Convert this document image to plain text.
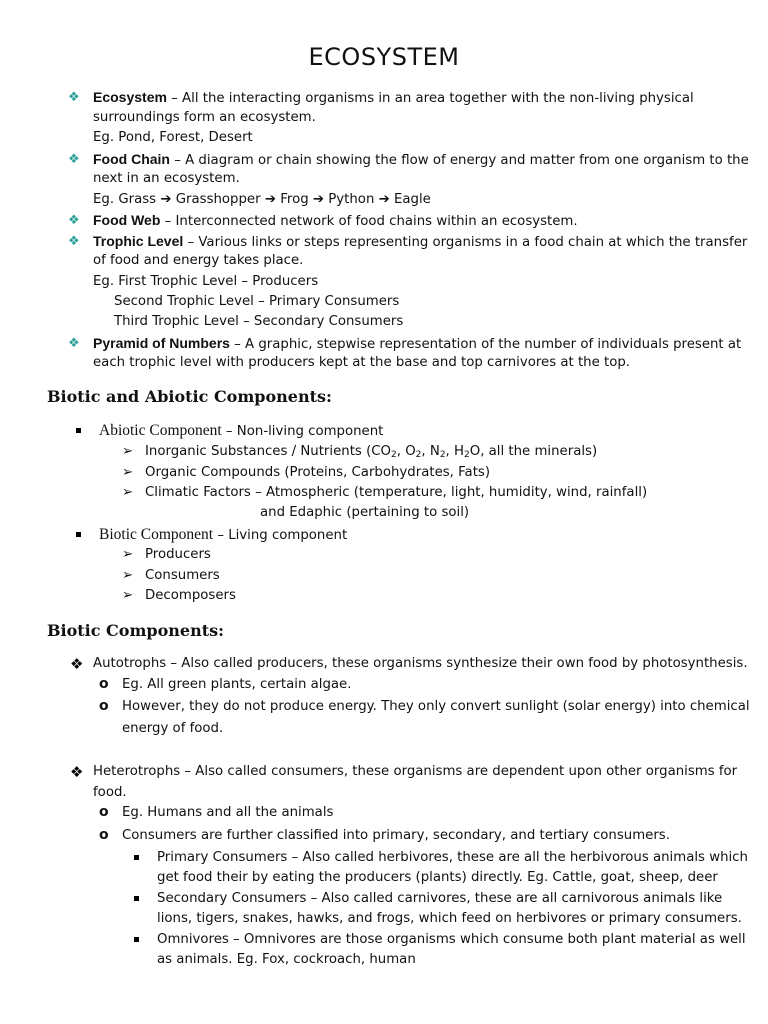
ECOSYSTEM
❖ Ecosystem – All the interacting organisms in an area together with the non-living physical
surroundings form an ecosystem.
Eg. Pond, Forest, Desert
❖ Food Chain – A diagram or chain showing the flow of energy and matter from one organism to the
next in an ecosystem.
Eg. Grass ➔ Grasshopper ➔ Frog ➔ Python ➔ Eagle
❖ Food Web – Interconnected network of food chains within an ecosystem.
❖ Trophic Level – Various links or steps representing organisms in a food chain at which the transfer
of food and energy takes place.
Eg. First Trophic Level – Producers
Second Trophic Level – Primary Consumers
Third Trophic Level – Secondary Consumers
❖ Pyramid of Numbers – A graphic, stepwise representation of the number of individuals present at
each trophic level with producers kept at the base and top carnivores at the top.
Biotic and Abiotic Components:
Abiotic Component – Non-living component
➢ Inorganic Substances / Nutrients ($CO_2$, $O_2$, $N_2$, $H_2O$, all the minerals)
➢ Organic Compounds (Proteins, Carbohydrates, Fats)
➢ Climatic Factors – Atmospheric (temperature, light, humidity, wind, rainfall)
and Edaphic (pertaining to soil)
Biotic Component – Living component
➢ Producers
➢ Consumers
➢ Decomposers
Biotic Components:
❖ Autotrophs – Also called producers, these organisms synthesize their own food by photosynthesis.
o Eg. All green plants, certain algae.
o However, they do not produce energy. They only convert sunlight (solar energy) into chemical
energy of food.
❖ Heterotrophs – Also called consumers, these organisms are dependent upon other organisms for
food.
o Eg. Humans and all the animals
o Consumers are further classified into primary, secondary, and tertiary consumers.
Primary Consumers – Also called herbivores, these are all the herbivorous animals which
get food their by eating the producers (plants) directly. Eg. Cattle, goat, sheep, deer
Secondary Consumers – Also called carnivores, these are all carnivorous animals like
lions, tigers, snakes, hawks, and frogs, which feed on herbivores or primary consumers.
Omnivores – Omnivores are those organisms which consume both plant material as well
as animals. Eg. Fox, cockroach, human
